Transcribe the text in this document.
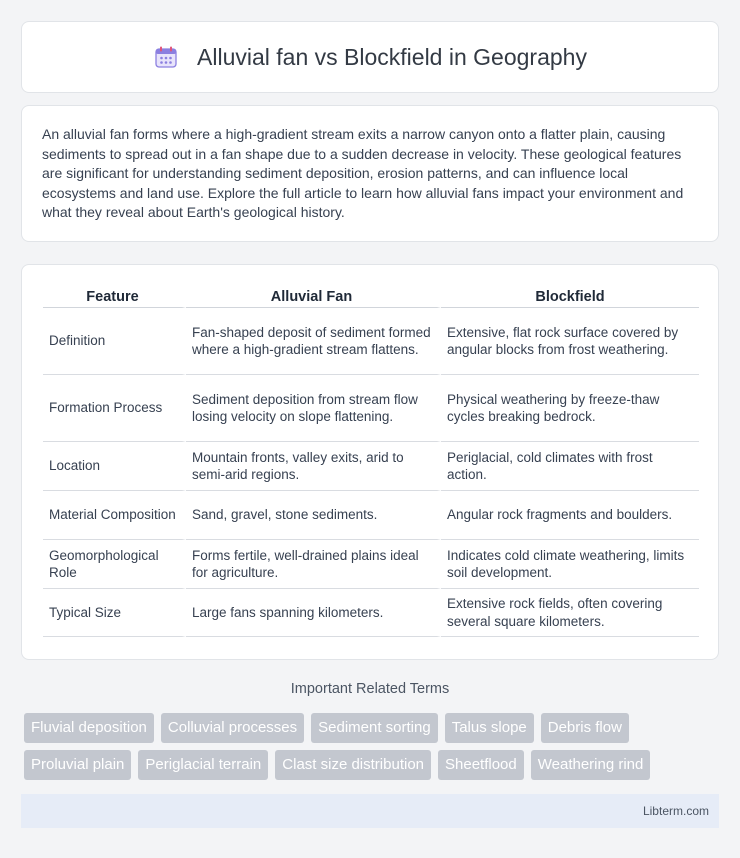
Alluvial fan vs Blockfield in Geography

An alluvial fan forms where a high-gradient stream exits a narrow canyon onto a flatter plain, causing sediments to spread out in a fan shape due to a sudden decrease in velocity. These geological features are significant for understanding sediment deposition, erosion patterns, and can influence local ecosystems and land use. Explore the full article to learn how alluvial fans impact your environment and what they reveal about Earth's geological history.

Feature	Alluvial Fan	Blockfield
Definition	Fan-shaped deposit of sediment formed where a high-gradient stream flattens.	Extensive, flat rock surface covered by angular blocks from frost weathering.
Formation Process	Sediment deposition from stream flow losing velocity on slope flattening.	Physical weathering by freeze-thaw cycles breaking bedrock.
Location	Mountain fronts, valley exits, arid to semi-arid regions.	Periglacial, cold climates with frost action.
Material Composition	Sand, gravel, stone sediments.	Angular rock fragments and boulders.
Geomorphological Role	Forms fertile, well-drained plains ideal for agriculture.	Indicates cold climate weathering, limits soil development.
Typical Size	Large fans spanning kilometers.	Extensive rock fields, often covering several square kilometers.
Important Related Terms
Fluvial deposition	Colluvial processes	Sediment sorting	Talus slope	Debris flow
Proluvial plain	Periglacial terrain	Clast size distribution	Sheetflood	Weathering rind
Libterm.com
